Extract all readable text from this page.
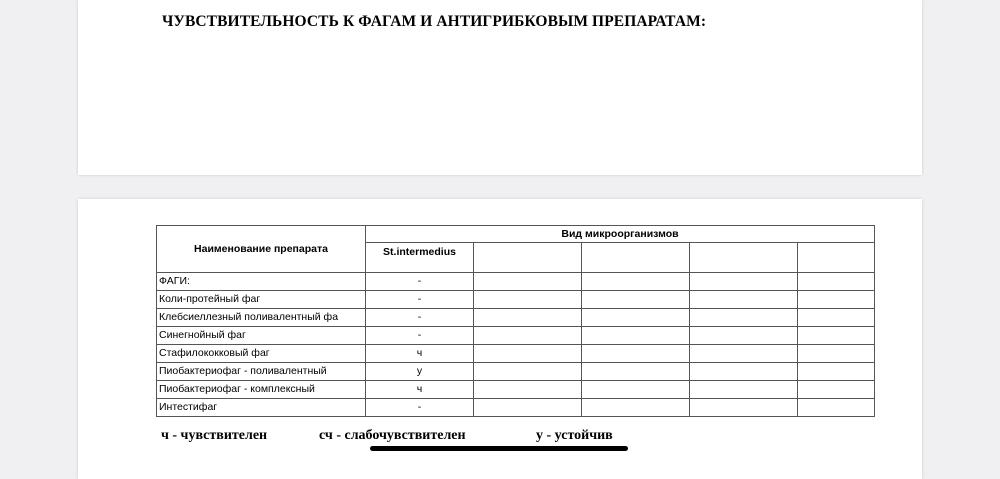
ЧУВСТВИТЕЛЬНОСТЬ К ФАГАМ И АНТИГРИБКОВЫМ ПРЕПАРАТАМ:
Наименование препарата	Вид микроорганизмов				
	St.intermedius				
ФАГИ:	-				
Коли-протейный фаг	-				
Клебсиеллезный поливалентный фа	-				
Синегнойный фаг	-				
Стафилококковый фаг	ч				
Пиобактериофаг - поливалентный	у				
Пиобактериофаг - комплексный	ч				
Интестифаг	-				
ч - чувствителен	сч - слабочувствителен	у - устойчив
